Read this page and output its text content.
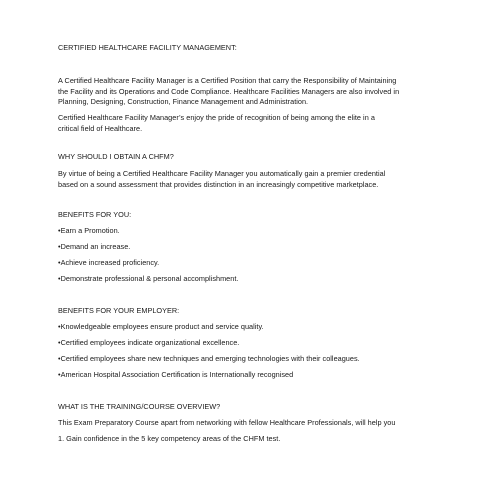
CERTIFIED HEALTHCARE FACILITY MANAGEMENT:
A Certified Healthcare Facility Manager is a Certified Position that carry the Responsibility of Maintaining
the Facility and its Operations and Code Compliance. Healthcare Facilities Managers are also involved in
Planning, Designing, Construction, Finance Management and Administration.
Certified Healthcare Facility Manager’s enjoy the pride of recognition of being among the elite in a
critical field of Healthcare.
WHY SHOULD I OBTAIN A CHFM?
By virtue of being a Certified Healthcare Facility Manager you automatically gain a premier credential
based on a sound assessment that provides distinction in an increasingly competitive marketplace.
BENEFITS FOR YOU:
•Earn a Promotion.
•Demand an increase.
•Achieve increased proficiency.
•Demonstrate professional & personal accomplishment.
BENEFITS FOR YOUR EMPLOYER:
•Knowledgeable employees ensure product and service quality.
•Certified employees indicate organizational excellence.
•Certified employees share new techniques and emerging technologies with their colleagues.
•American Hospital Association Certification is Internationally recognised
WHAT IS THE TRAINING/COURSE OVERVIEW?
This Exam Preparatory Course apart from networking with fellow Healthcare Professionals, will help you
1. Gain confidence in the 5 key competency areas of the CHFM test.
